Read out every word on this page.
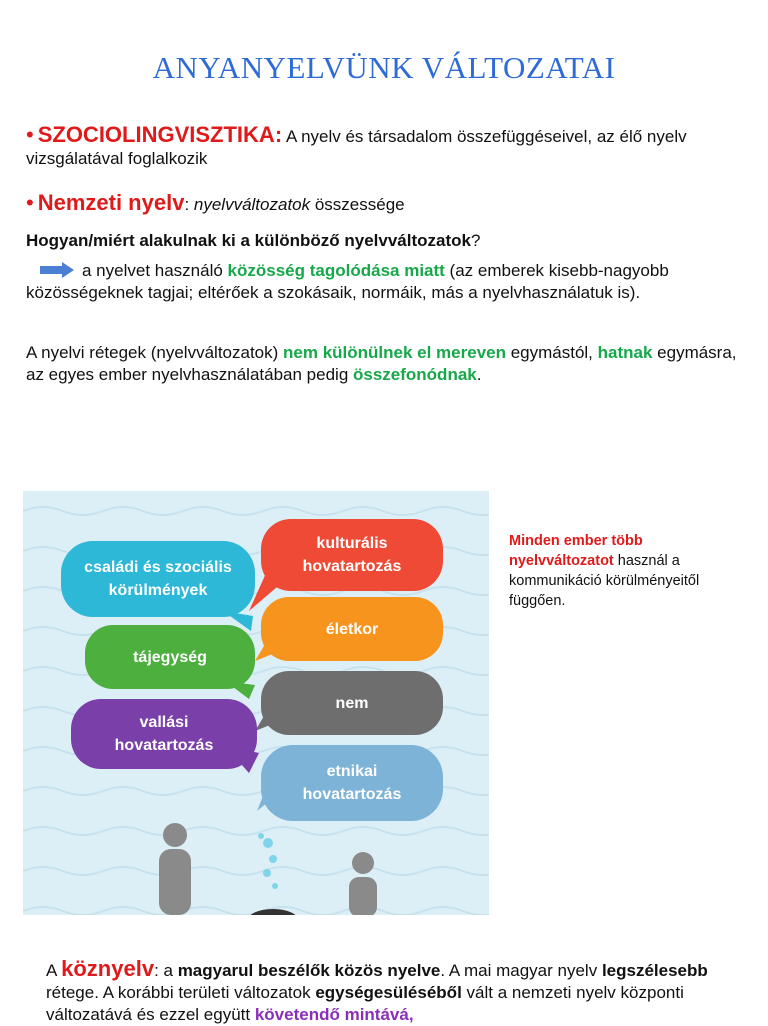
ANYANYELVÜNK VÁLTOZATAI
• SZOCIOLINGVISZTIKA: A nyelv és társadalom összefüggéseivel, az élő nyelv vizsgálatával foglalkozik
• Nemzeti nyelv: nyelvváltozatok összessége
Hogyan/miért alakulnak ki a különböző nyelvváltozatok?
a nyelvet használó közösség tagolódása miatt (az emberek kisebb-nagyobb közösségeknek tagjai; eltérőek a szokásaik, normáik, más a nyelvhasználatuk is).
A nyelvi rétegek (nyelvváltozatok) nem különülnek el mereven egymástól, hatnak egymásra, az egyes ember nyelvhasználatában pedig összefonódnak.
családi és szociális
körülmények
tájegység
vallási
hovatartozás
kulturális
hovatartozás
életkor
nem
etnikai
hovatartozás
Minden ember több nyelvváltozatot használ a kommunikáció körülményeitől függően.
A köznyelv: a magyarul beszélők közös nyelve. A mai magyar nyelv legszélesebb rétege. A korábbi területi változatok egységesüléséből vált a nemzeti nyelv központi változatává és ezzel együtt követendő mintává,
